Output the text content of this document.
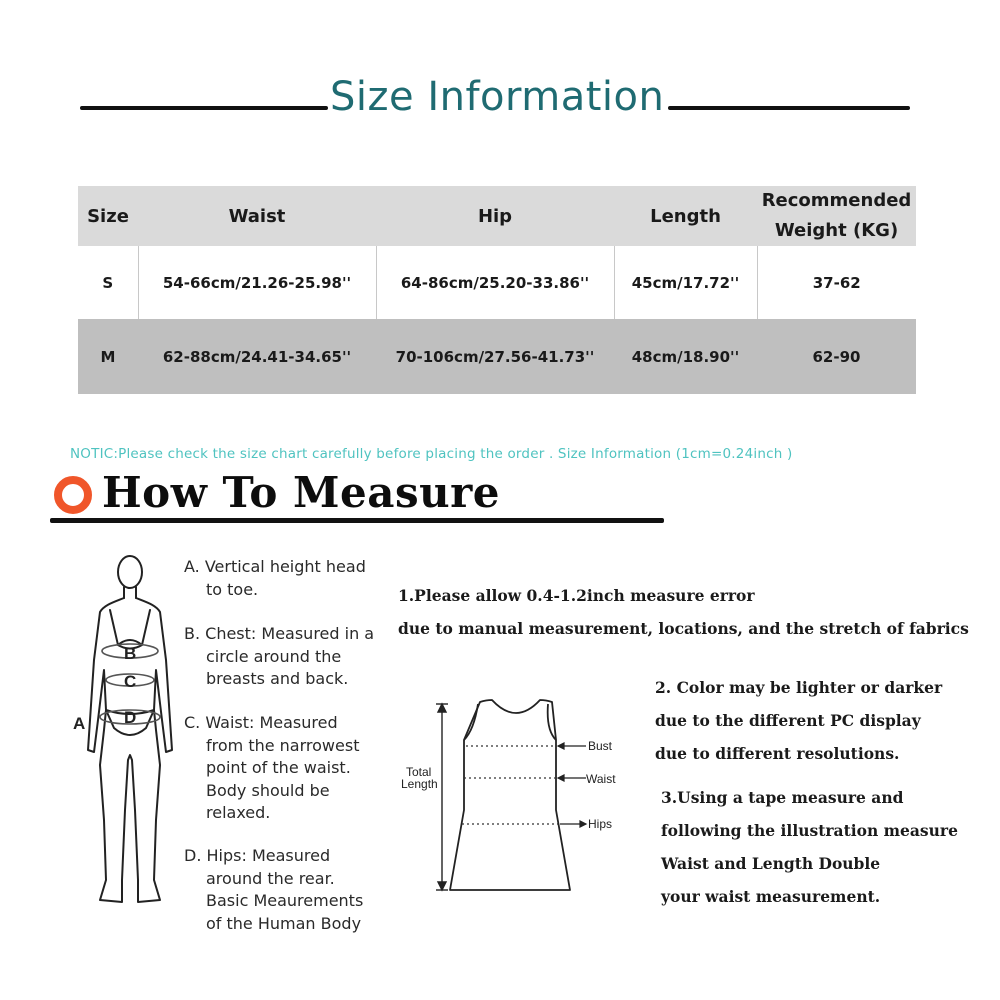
Size Information
Size	Waist	Hip	Length	Recommended
Weight (KG)
S	54-66cm/21.26-25.98''	64-86cm/25.20-33.86''	45cm/17.72''	37-62
M	62-88cm/24.41-34.65''	70-106cm/27.56-41.73''	48cm/18.90''	62-90
NOTIC:Please check the size chart carefully before placing the order . Size Information (1cm=0.24inch )
How To Measure
B
C
D
A
A. Vertical height head
to toe.
B. Chest: Measured in a
circle around the
breasts and back.
C. Waist: Measured
from the narrowest
point of the waist.
Body should be
relaxed.
D. Hips: Measured
around the rear.
Basic Meaurements
of the Human Body
1.Please allow 0.4-1.2inch measure error
due to manual measurement, locations, and the stretch of fabrics
2. Color may be lighter or darker
due to the different PC display
due to different resolutions.
3.Using a tape measure and
following the illustration measure
Waist and Length Double
your waist measurement.
Total
Length
Bust
Waist
Hips
